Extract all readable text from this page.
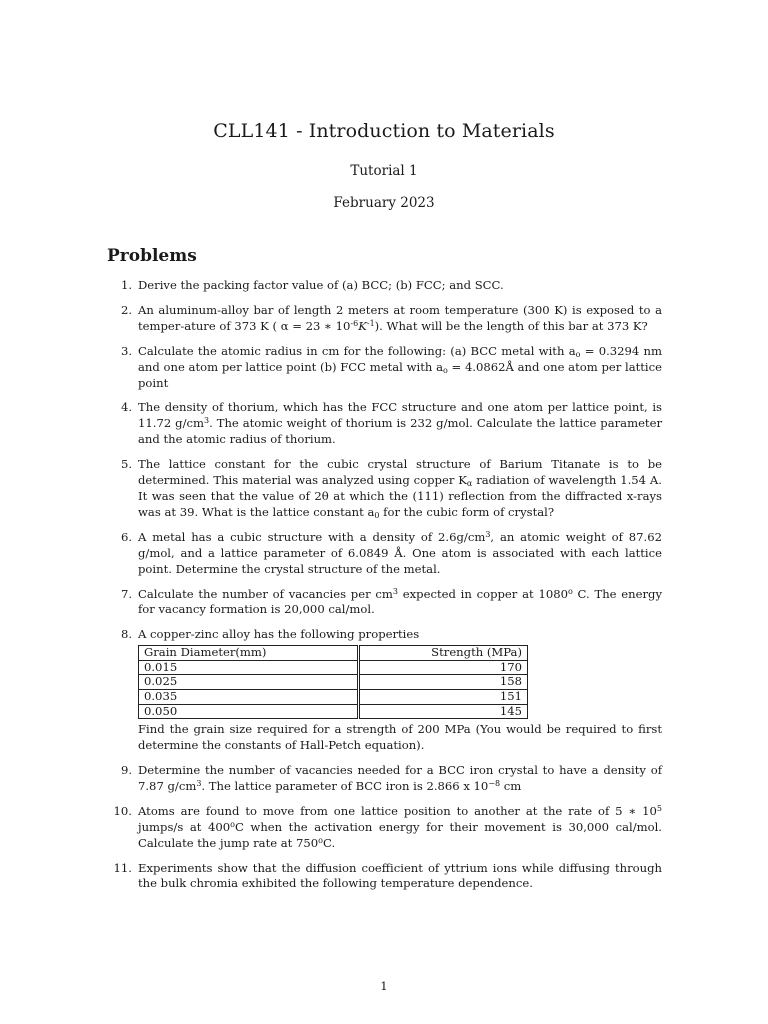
CLL141 - Introduction to Materials
Tutorial 1
February 2023
Problems
1. Derive the packing factor value of (a) BCC; (b) FCC; and SCC.
2. An aluminum-alloy bar of length 2 meters at room temperature (300 K) is exposed to a temper-ature of 373 K ( α = 23 ∗ $10^{-6}K^{-1}$). What will be the length of this bar at 373 K?
3. Calculate the atomic radius in cm for the following: (a) BCC metal with $a_o = 0.3294$ nm and one atom per lattice point (b) FCC metal with $a_o$ = 4.0862Å and one atom per lattice point
4. The density of thorium, which has the FCC structure and one atom per lattice point, is 11.72 $g/cm^3$. The atomic weight of thorium is 232 g/mol. Calculate the lattice parameter and the atomic radius of thorium.
5. The lattice constant for the cubic crystal structure of Barium Titanate is to be determined. This material was analyzed using copper $K_\alpha$ radiation of wavelength 1.54 A. It was seen that the value of 2θ at which the (111) reflection from the diffracted x-rays was at 39. What is the lattice constant $a_0$ for the cubic form of crystal?
6. A metal has a cubic structure with a density of $2.6g/cm^3$, an atomic weight of 87.62 g/mol, and a lattice parameter of 6.0849 Å. One atom is associated with each lattice point. Determine the crystal structure of the metal.
7. Calculate the number of vacancies per $cm^3$ expected in copper at 1080$^o$ C. The energy for vacancy formation is 20,000 cal/mol.
8. A copper-zinc alloy has the following properties
Grain Diameter(mm)	Strength (MPa)
0.015	170
0.025	158
0.035	151
0.050	145
Find the grain size required for a strength of 200 MPa (You would be required to first determine the constants of Hall-Petch equation).
9. Determine the number of vacancies needed for a BCC iron crystal to have a density of 7.87 $g/cm^3$. The lattice parameter of BCC iron is 2.866 x $10^{-8}$ cm
10. Atoms are found to move from one lattice position to another at the rate of 5 ∗ $10^5$ jumps/s at 400$^o$C when the activation energy for their movement is 30,000 cal/mol. Calculate the jump rate at 750$^o$C.
11. Experiments show that the diffusion coefficient of yttrium ions while diffusing through the bulk chromia exhibited the following temperature dependence.
1
